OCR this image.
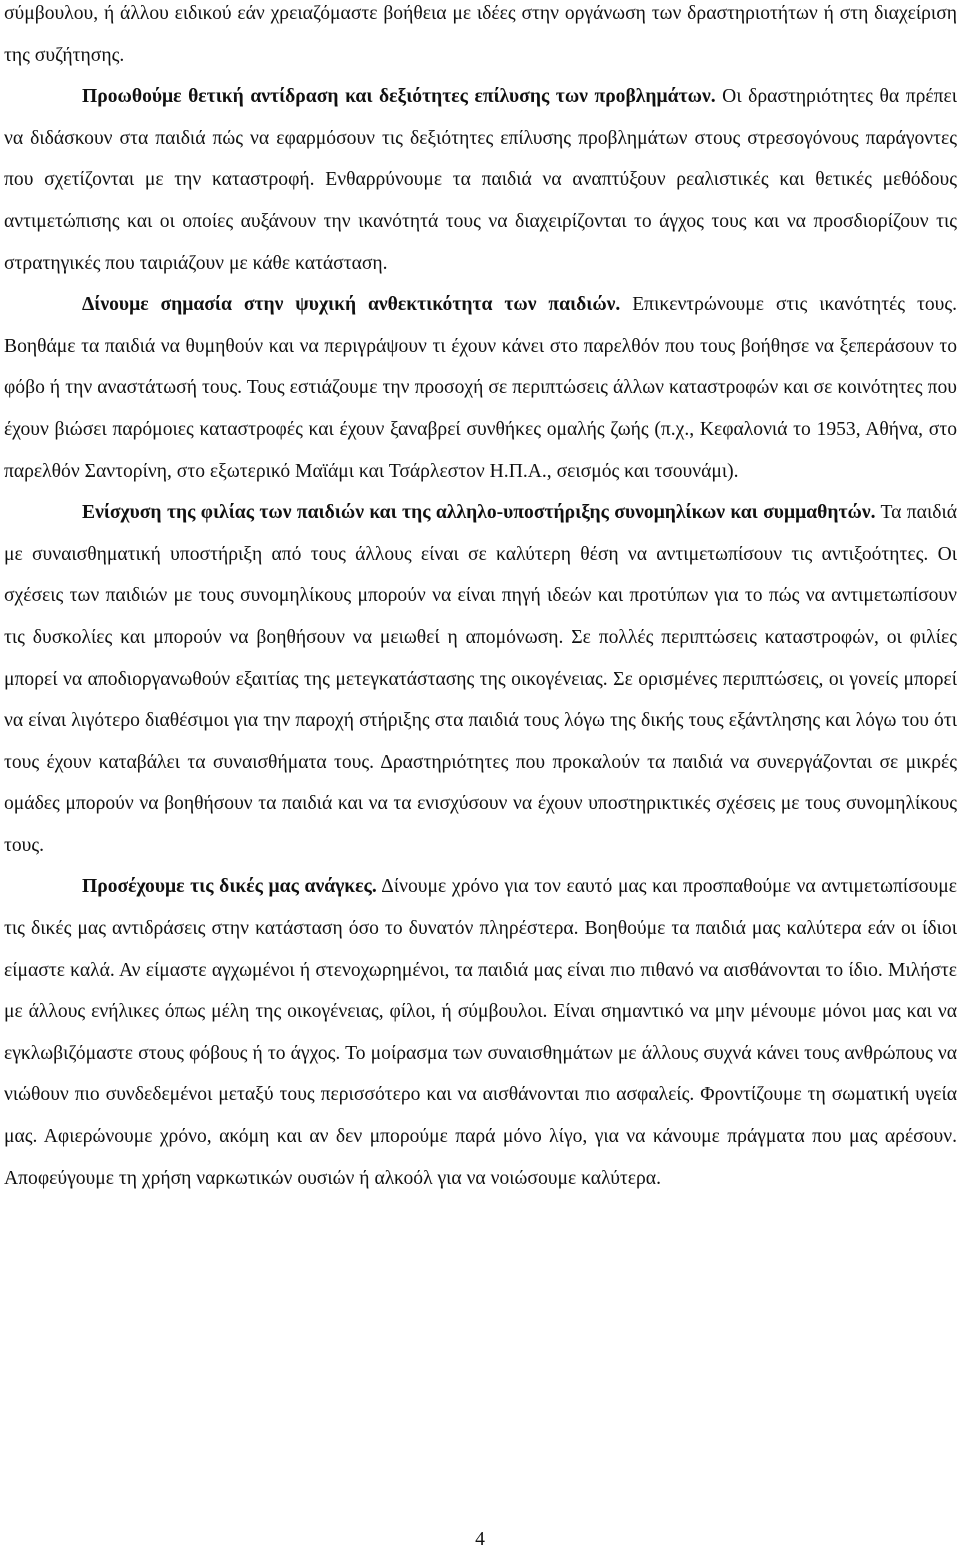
σύμβουλου, ή άλλου ειδικού εάν χρειαζόμαστε βοήθεια με ιδέες στην οργάνωση των δραστηριοτήτων ή στη διαχείριση της συζήτησης.

Προωθούμε θετική αντίδραση και δεξιότητες επίλυσης των προβλημάτων. Οι δραστηριότητες θα πρέπει να διδάσκουν στα παιδιά πώς να εφαρμόσουν τις δεξιότητες επίλυσης προβλημάτων στους στρεσογόνους παράγοντες που σχετίζονται με την καταστροφή. Ενθαρρύνουμε τα παιδιά να αναπτύξουν ρεαλιστικές και θετικές μεθόδους αντιμετώπισης και οι οποίες αυξάνουν την ικανότητά τους να διαχειρίζονται το άγχος τους και να προσδιορίζουν τις στρατηγικές που ταιριάζουν με κάθε κατάσταση.

Δίνουμε σημασία στην ψυχική ανθεκτικότητα των παιδιών. Επικεντρώνουμε στις ικανότητές τους. Βοηθάμε τα παιδιά να θυμηθούν και να περιγράψουν τι έχουν κάνει στο παρελθόν που τους βοήθησε να ξεπεράσουν το φόβο ή την αναστάτωσή τους. Τους εστιάζουμε την προσοχή σε περιπτώσεις άλλων καταστροφών και σε κοινότητες που έχουν βιώσει παρόμοιες καταστροφές και έχουν ξαναβρεί συνθήκες ομαλής ζωής (π.χ., Κεφαλονιά το 1953, Αθήνα, στο παρελθόν Σαντορίνη, στο εξωτερικό Μαϊάμι και Τσάρλεστον Η.Π.Α., σεισμός και τσουνάμι).

Ενίσχυση της φιλίας των παιδιών και της αλληλο-υποστήριξης συνομηλίκων και συμμαθητών. Τα παιδιά με συναισθηματική υποστήριξη από τους άλλους είναι σε καλύτερη θέση να αντιμετωπίσουν τις αντιξοότητες. Οι σχέσεις των παιδιών με τους συνομηλίκους μπορούν να είναι πηγή ιδεών και προτύπων για το πώς να αντιμετωπίσουν τις δυσκολίες και μπορούν να βοηθήσουν να μειωθεί η απομόνωση. Σε πολλές περιπτώσεις καταστροφών, οι φιλίες μπορεί να αποδιοργανωθούν εξαιτίας της μετεγκατάστασης της οικογένειας. Σε ορισμένες περιπτώσεις, οι γονείς μπορεί να είναι λιγότερο διαθέσιμοι για την παροχή στήριξης στα παιδιά τους λόγω της δικής τους εξάντλησης και λόγω του ότι τους έχουν καταβάλει τα συναισθήματα τους. Δραστηριότητες που προκαλούν τα παιδιά να συνεργάζονται σε μικρές ομάδες μπορούν να βοηθήσουν τα παιδιά και να τα ενισχύσουν να έχουν υποστηρικτικές σχέσεις με τους συνομηλίκους τους.

Προσέχουμε τις δικές μας ανάγκες. Δίνουμε χρόνο για τον εαυτό μας και προσπαθούμε να αντιμετωπίσουμε τις δικές μας αντιδράσεις στην κατάσταση όσο το δυνατόν πληρέστερα. Βοηθούμε τα παιδιά μας καλύτερα εάν οι ίδιοι είμαστε καλά. Αν είμαστε αγχωμένοι ή στενοχωρημένοι, τα παιδιά μας είναι πιο πιθανό να αισθάνονται το ίδιο. Μιλήστε με άλλους ενήλικες όπως μέλη της οικογένειας, φίλοι, ή σύμβουλοι. Είναι σημαντικό να μην μένουμε μόνοι μας και να εγκλωβιζόμαστε στους φόβους ή το άγχος. Το μοίρασμα των συναισθημάτων με άλλους συχνά κάνει τους ανθρώπους να νιώθουν πιο συνδεδεμένοι μεταξύ τους περισσότερο και να αισθάνονται πιο ασφαλείς. Φροντίζουμε τη σωματική υγεία μας. Αφιερώνουμε χρόνο, ακόμη και αν δεν μπορούμε παρά μόνο λίγο, για να κάνουμε πράγματα που μας αρέσουν. Αποφεύγουμε τη χρήση ναρκωτικών ουσιών ή αλκοόλ για να νοιώσουμε καλύτερα.

4
